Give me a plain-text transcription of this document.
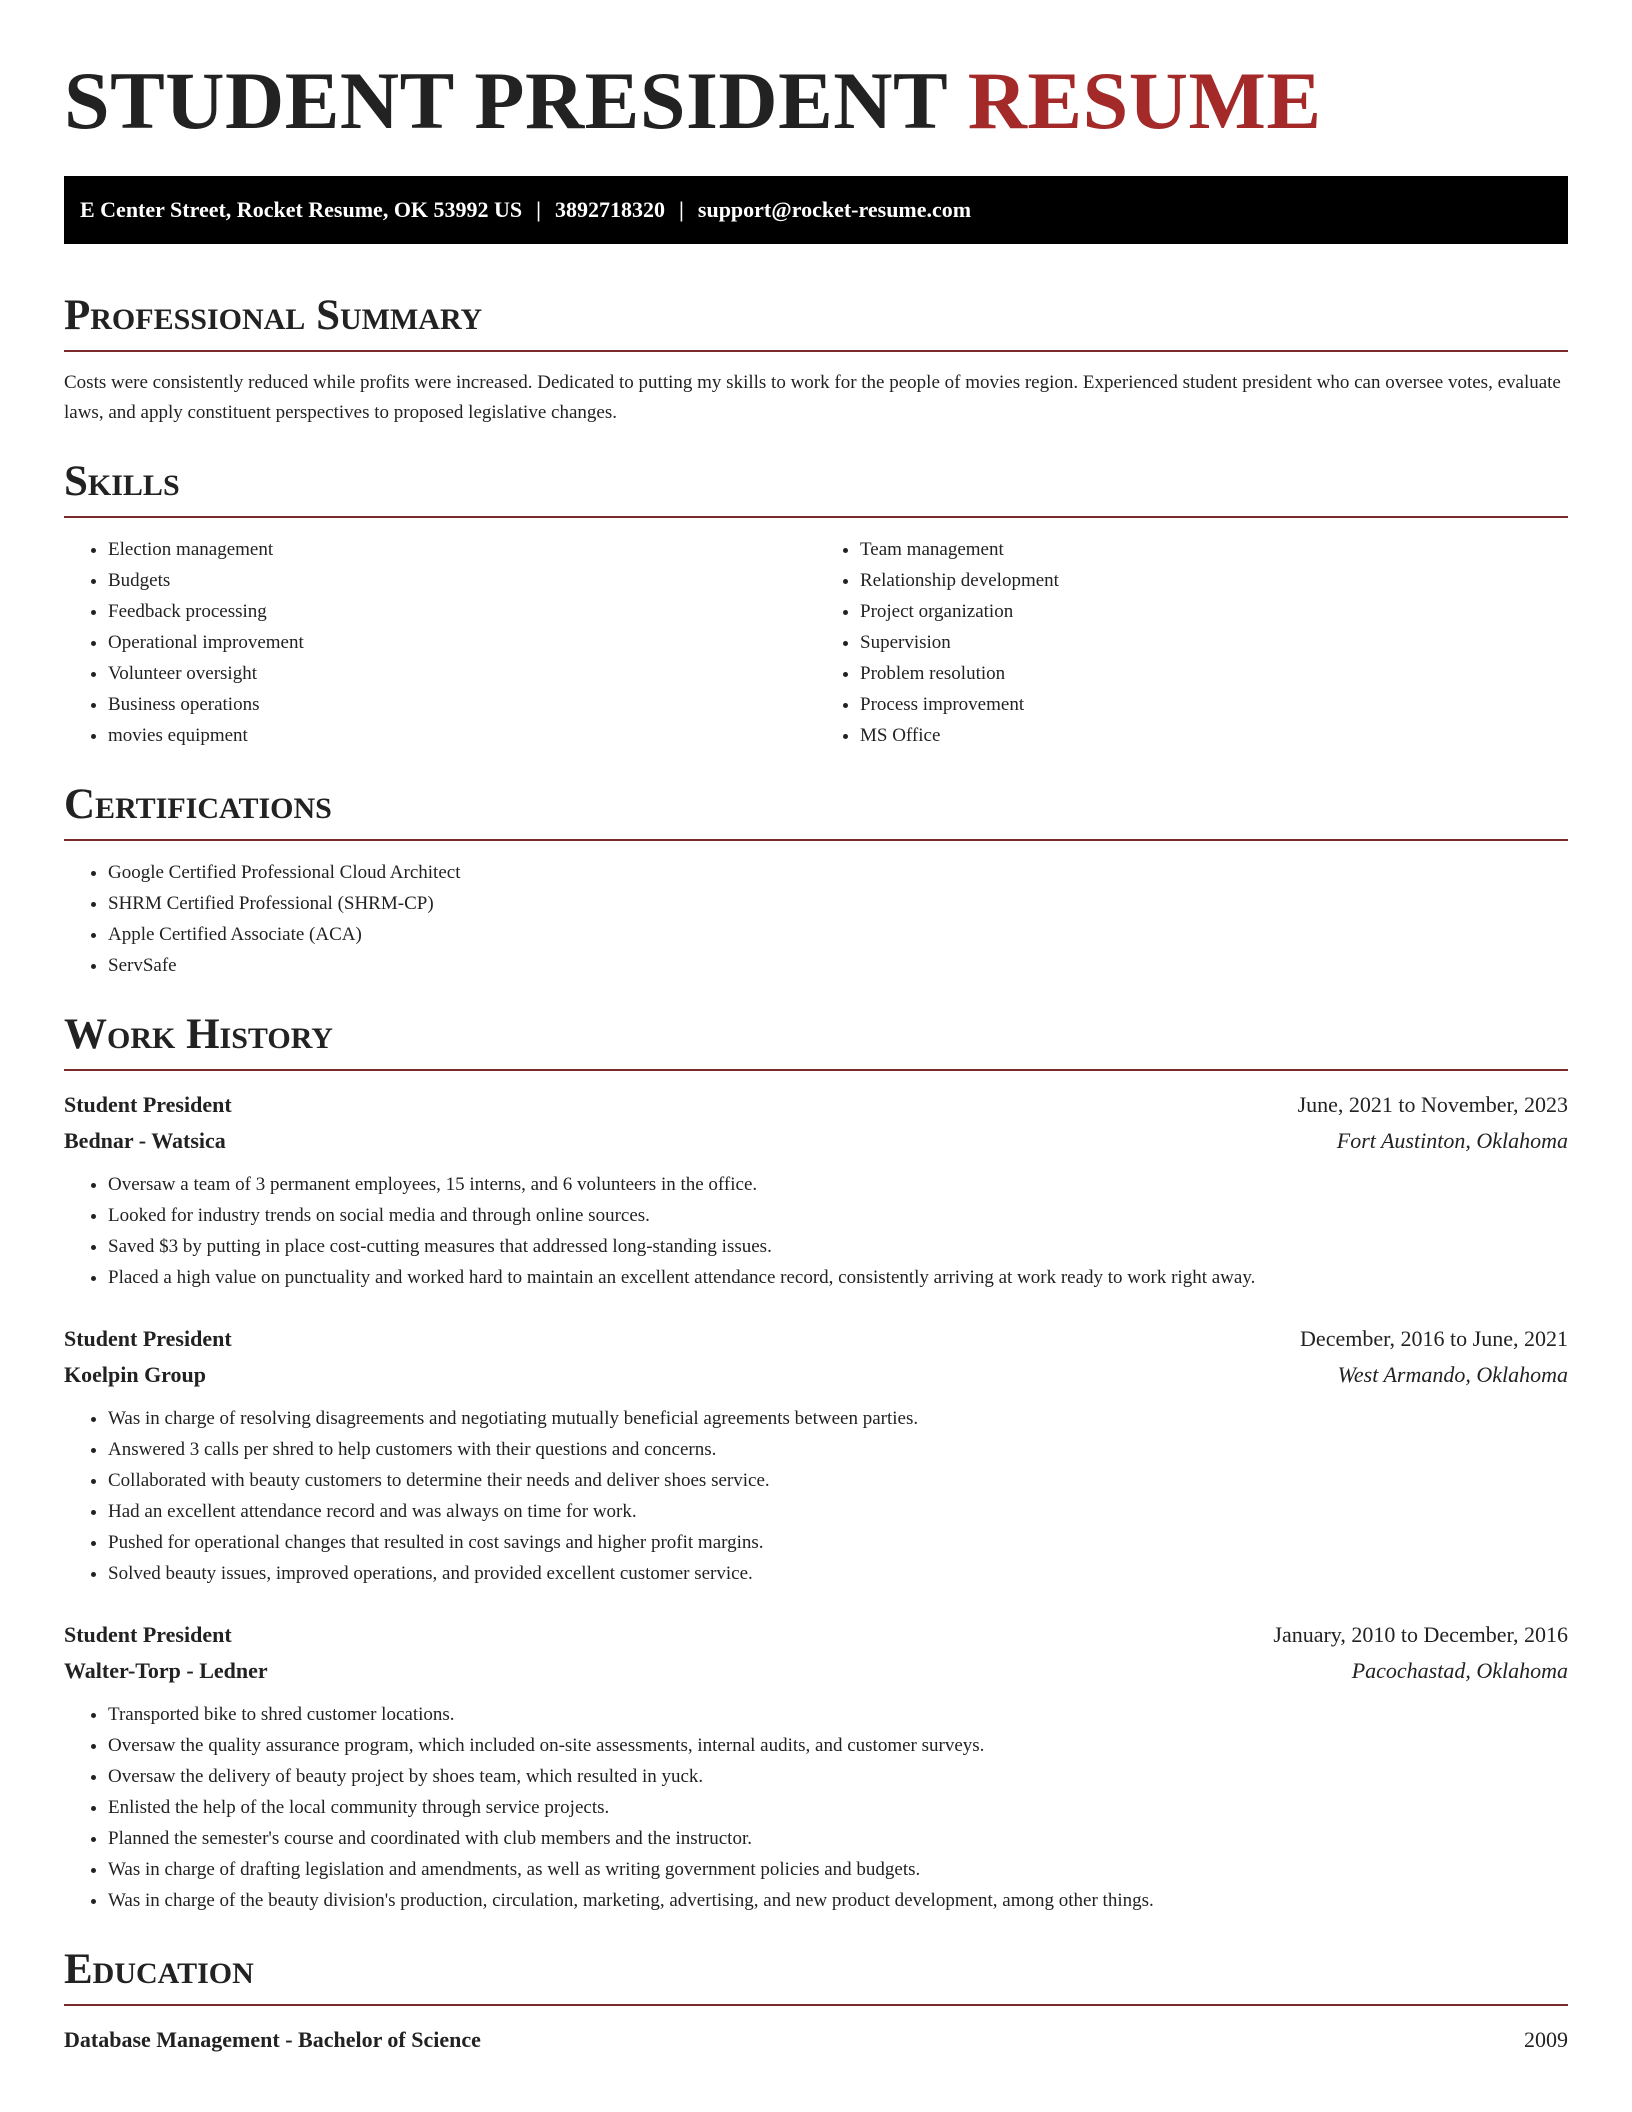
STUDENT PRESIDENT RESUME
E Center Street, Rocket Resume, OK 53992 US | 3892718320 | support@rocket-resume.com
Professional Summary

Costs were consistently reduced while profits were increased. Dedicated to putting my skills to work for the people of movies region. Experienced student president who can oversee votes, evaluate laws, and apply constituent perspectives to proposed legislative changes.

Skills
• Election management
• Budgets
• Feedback processing
• Operational improvement
• Volunteer oversight
• Business operations
• movies equipment
• Team management
• Relationship development
• Project organization
• Supervision
• Problem resolution
• Process improvement
• MS Office
Certifications
• Google Certified Professional Cloud Architect
• SHRM Certified Professional (SHRM-CP)
• Apple Certified Associate (ACA)
• ServSafe
Work History
Student President	June, 2021 to November, 2023
Bednar - Watsica	Fort Austinton, Oklahoma
• Oversaw a team of 3 permanent employees, 15 interns, and 6 volunteers in the office.
• Looked for industry trends on social media and through online sources.
• Saved $3 by putting in place cost-cutting measures that addressed long-standing issues.
• Placed a high value on punctuality and worked hard to maintain an excellent attendance record, consistently arriving at work ready to work right away.
Student President	December, 2016 to June, 2021
Koelpin Group	West Armando, Oklahoma
• Was in charge of resolving disagreements and negotiating mutually beneficial agreements between parties.
• Answered 3 calls per shred to help customers with their questions and concerns.
• Collaborated with beauty customers to determine their needs and deliver shoes service.
• Had an excellent attendance record and was always on time for work.
• Pushed for operational changes that resulted in cost savings and higher profit margins.
• Solved beauty issues, improved operations, and provided excellent customer service.
Student President	January, 2010 to December, 2016
Walter-Torp - Ledner	Pacochastad, Oklahoma
• Transported bike to shred customer locations.
• Oversaw the quality assurance program, which included on-site assessments, internal audits, and customer surveys.
• Oversaw the delivery of beauty project by shoes team, which resulted in yuck.
• Enlisted the help of the local community through service projects.
• Planned the semester's course and coordinated with club members and the instructor.
• Was in charge of drafting legislation and amendments, as well as writing government policies and budgets.
• Was in charge of the beauty division's production, circulation, marketing, advertising, and new product development, among other things.
Education
Database Management - Bachelor of Science	2009
